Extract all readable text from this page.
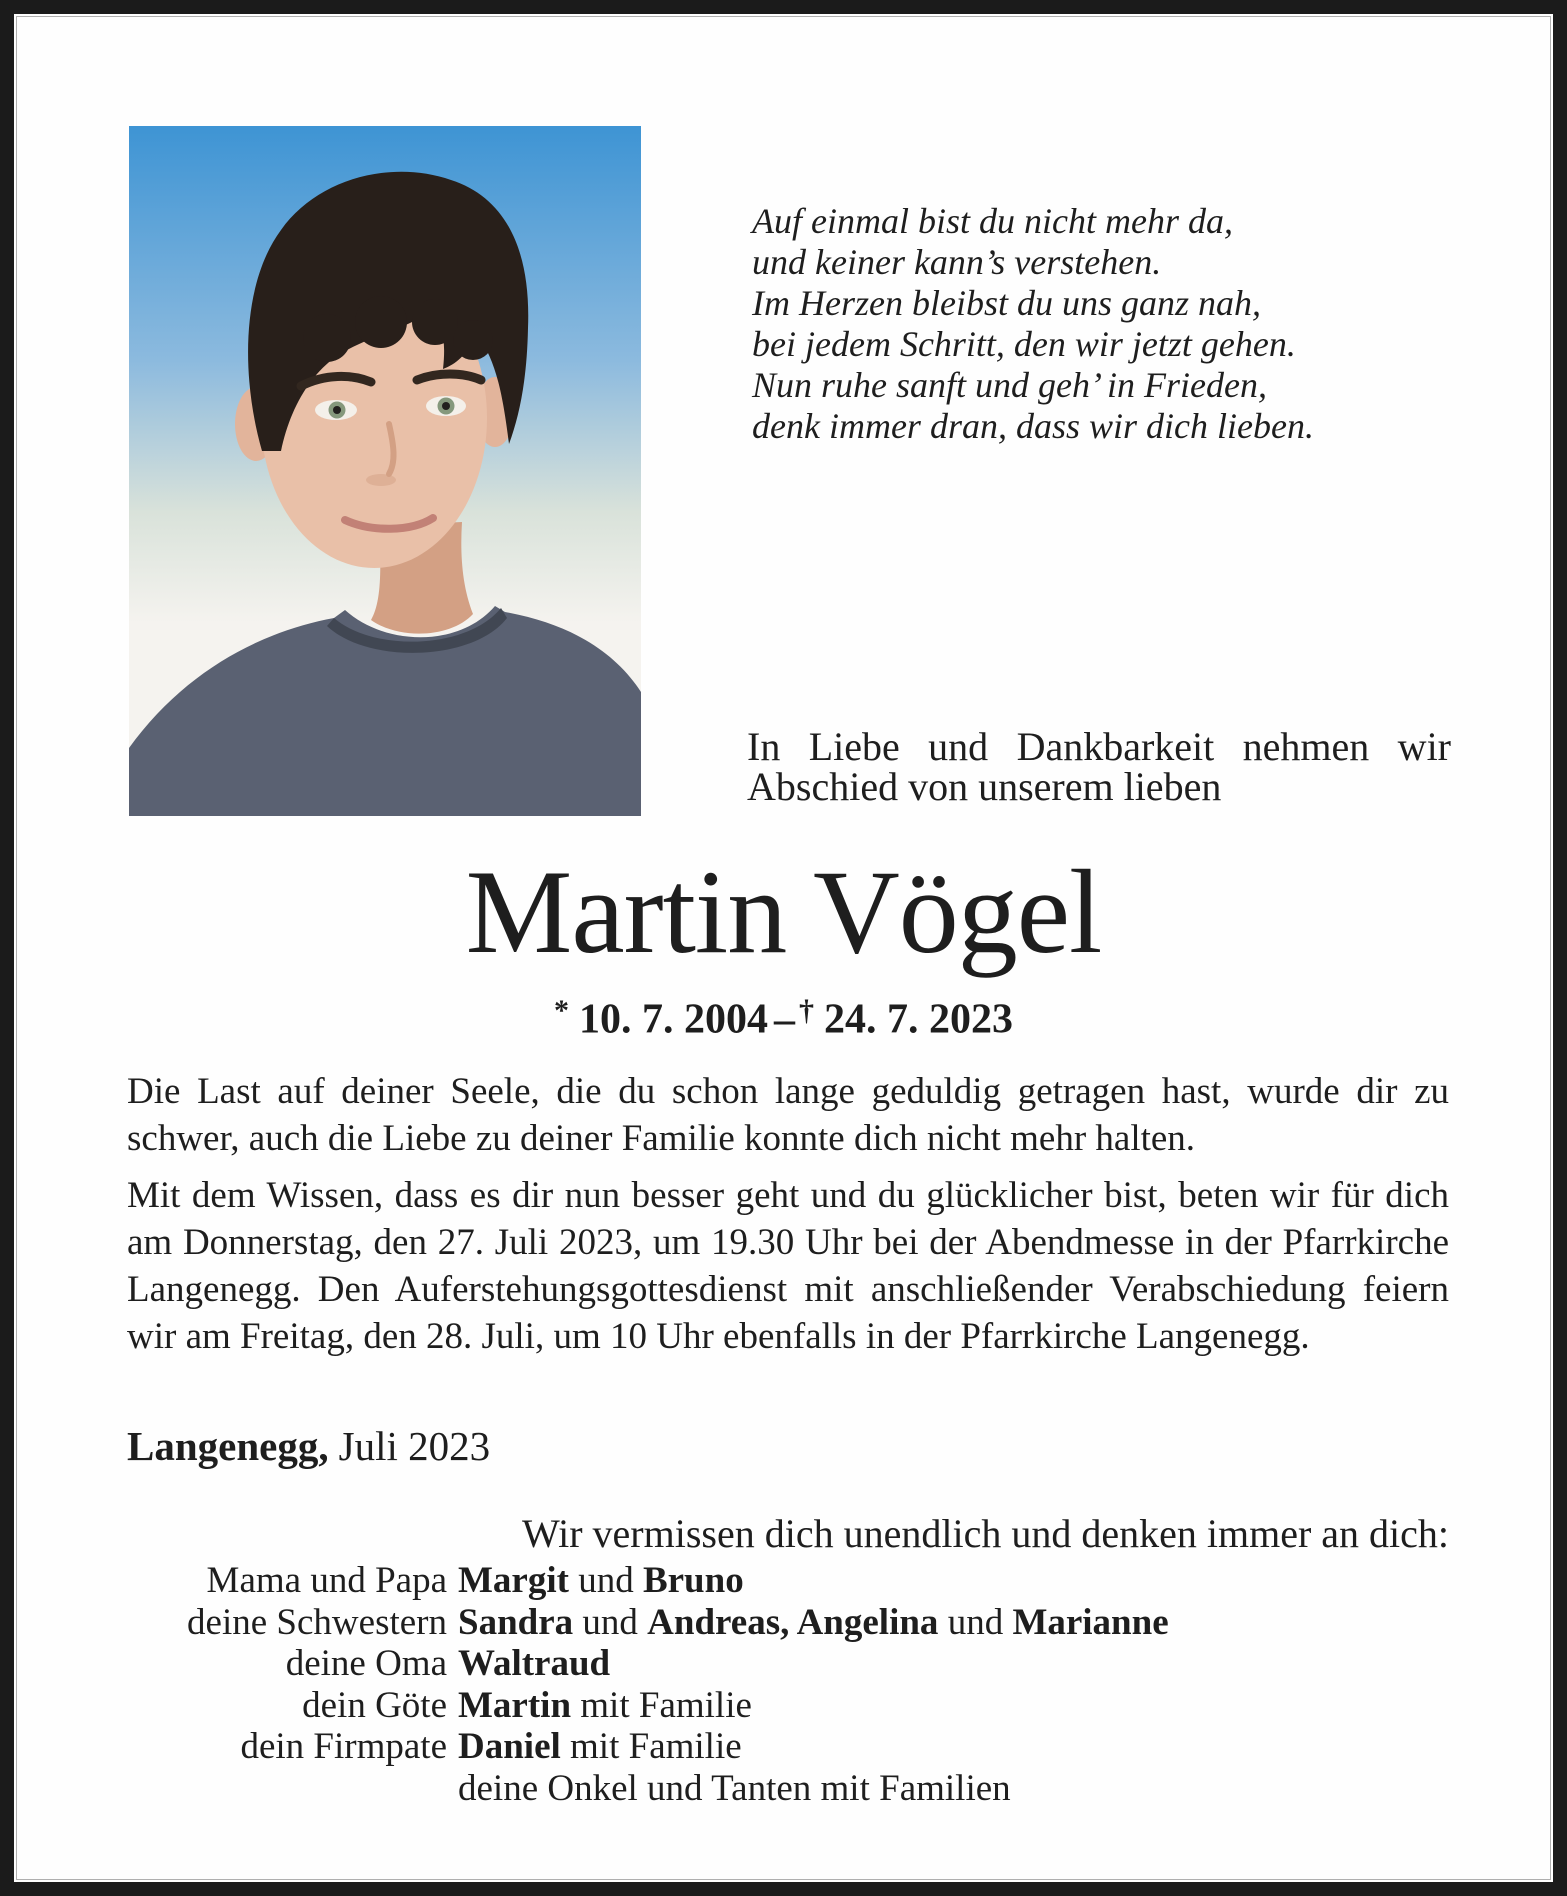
Auf einmal bist du nicht mehr da,
und keiner kann’s verstehen.
Im Herzen bleibst du uns ganz nah,
bei jedem Schritt, den wir jetzt gehen.
Nun ruhe sanft und geh’ in Frieden,
denk immer dran, dass wir dich lieben.
In Liebe und Dankbarkeit nehmen wir Abschied von unserem lieben
Martin Vögel
* 10. 7. 2004 – † 24. 7. 2023
Die Last auf deiner Seele, die du schon lange geduldig getragen hast, wurde dir zu schwer, auch die Liebe zu deiner Familie konnte dich nicht mehr halten.
Mit dem Wissen, dass es dir nun besser geht und du glücklicher bist, beten wir für dich am Donnerstag, den 27. Juli 2023, um 19.30 Uhr bei der Abendmesse in der Pfarrkirche Langenegg. Den Auferstehungsgottesdienst mit anschließender Verabschiedung feiern wir am Freitag, den 28. Juli, um 10 Uhr ebenfalls in der Pfarrkirche Langenegg.
Langenegg, Juli 2023
Wir vermissen dich unendlich und denken immer an dich:
Mama und Papa Margit und Bruno
deine Schwestern Sandra und Andreas, Angelina und Marianne
deine Oma Waltraud
dein Göte Martin mit Familie
dein Firmpate Daniel mit Familie
deine Onkel und Tanten mit Familien
